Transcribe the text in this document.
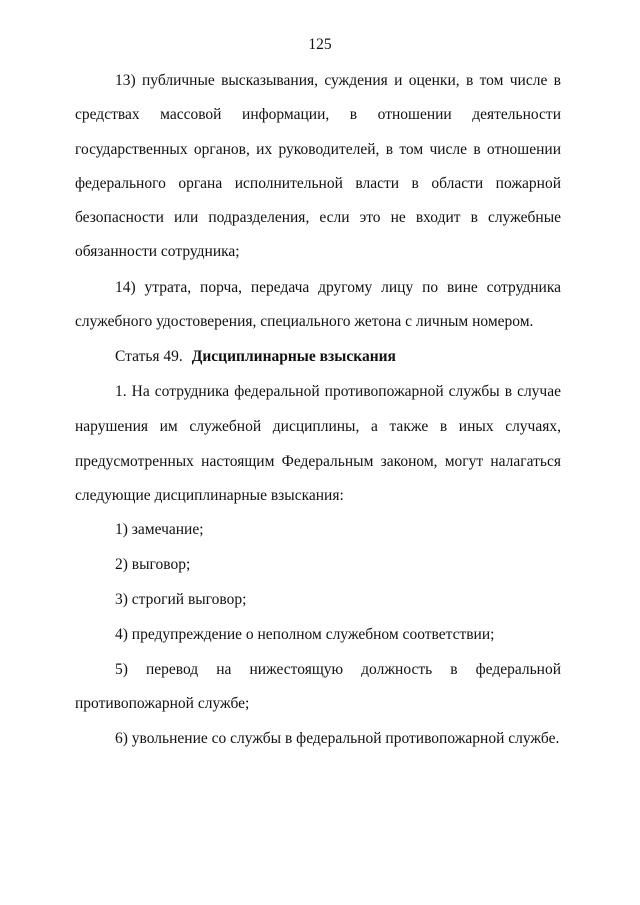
125
13) публичные высказывания, суждения и оценки, в том числе в
средствах массовой информации, в отношении деятельности
государственных органов, их руководителей, в том числе в отношении
федерального органа исполнительной власти в области пожарной
безопасности или подразделения, если это не входит в служебные
обязанности сотрудника;
14) утрата, порча, передача другому лицу по вине сотрудника
служебного удостоверения, специального жетона с личным номером.
Статья 49. Дисциплинарные взыскания
1. На сотрудника федеральной противопожарной службы в случае
нарушения им служебной дисциплины, а также в иных случаях,
предусмотренных настоящим Федеральным законом, могут налагаться
следующие дисциплинарные взыскания:
1) замечание;
2) выговор;
3) строгий выговор;
4) предупреждение о неполном служебном соответствии;
5) перевод на нижестоящую должность в федеральной
противопожарной службе;
6) увольнение со службы в федеральной противопожарной службе.
